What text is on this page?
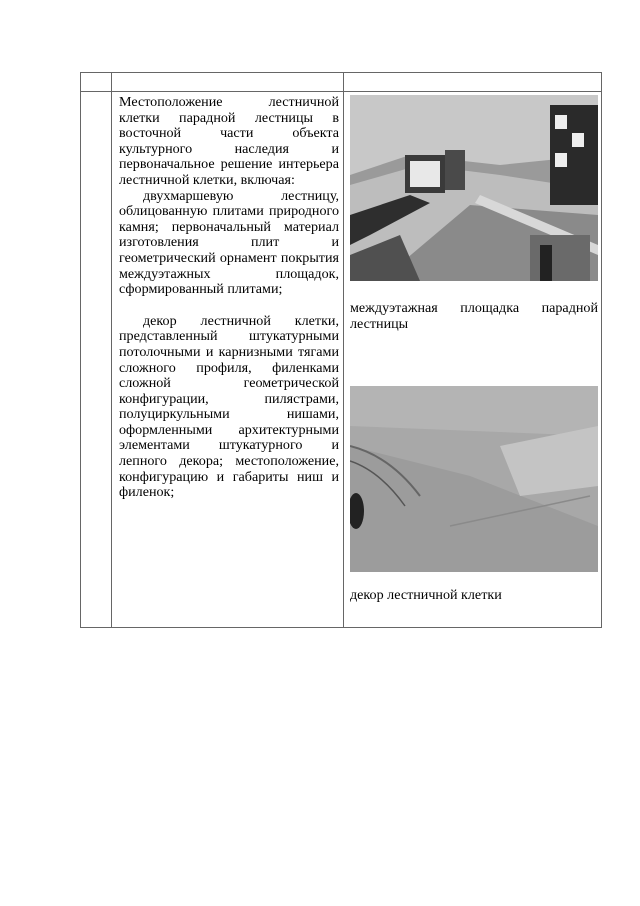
Местоположение лестничной клетки парадной лестницы в восточной части объекта культурного наследия и первоначальное решение интерьера лестничной клетки, включая:

двухмаршевую лестницу, облицованную плитами природного камня; первоначальный материал изготовления плит и геометрический орнамент покрытия междуэтажных площадок, сформированный плитами;

декор лестничной клетки, представленный штукатурными потолочными и карнизными тягами сложного профиля, филенками сложной геометрической конфигурации, пилястрами, полуциркульными нишами, оформленными архитектурными элементами штукатурного и лепного декора; местоположение, конфигурацию и габариты ниш и филенок;

междуэтажная площадка парадной лестницы
декор лестничной клетки
